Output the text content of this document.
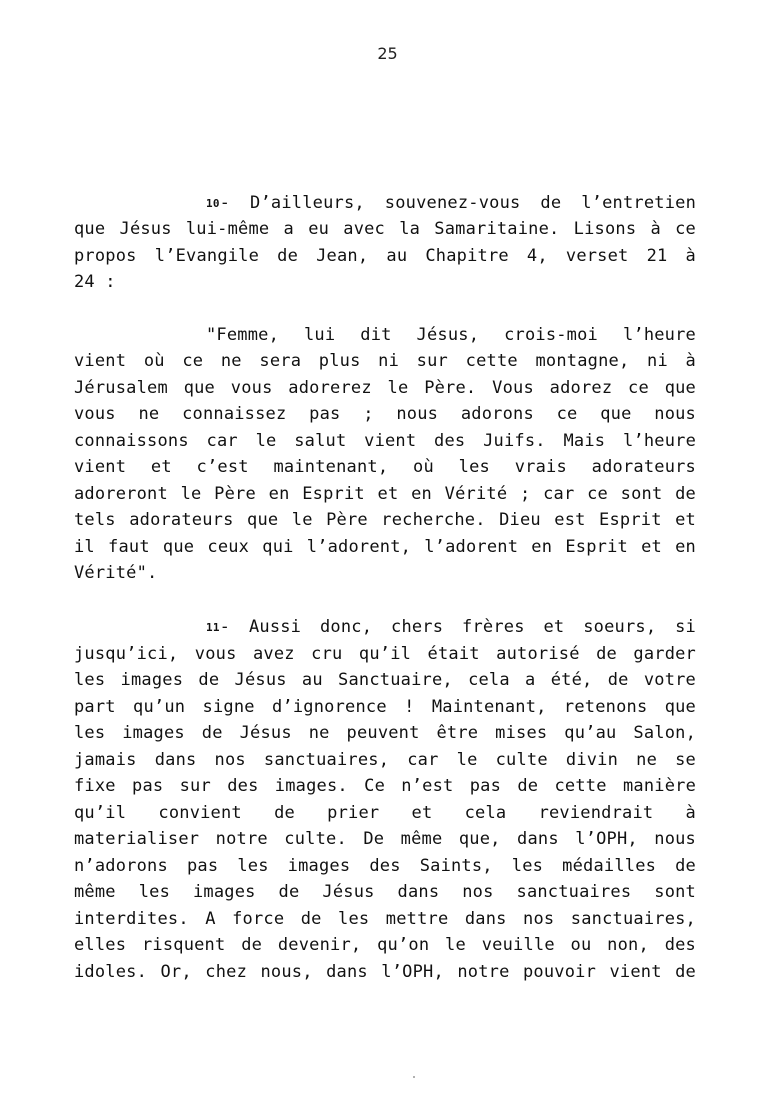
25
10- D’ailleurs, souvenez-vous de l’entretien
que Jésus lui-même a eu avec la Samaritaine. Lisons à ce
propos l’Evangile de Jean, au Chapitre 4, verset 21 à
24 :
"Femme, lui dit Jésus, crois-moi l’heure
vient où ce ne sera plus ni sur cette montagne, ni à
Jérusalem que vous adorerez le Père. Vous adorez ce que
vous ne connaissez pas ; nous adorons ce que nous
connaissons car le salut vient des Juifs. Mais l’heure
vient et c’est maintenant, où les vrais adorateurs
adoreront le Père en Esprit et en Vérité ; car ce sont de
tels adorateurs que le Père recherche. Dieu est Esprit et
il faut que ceux qui l’adorent, l’adorent en Esprit et en
Vérité".
11- Aussi donc, chers frères et soeurs, si
jusqu’ici, vous avez cru qu’il était autorisé de garder
les images de Jésus au Sanctuaire, cela a été, de votre
part qu’un signe d’ignorence ! Maintenant, retenons que
les images de Jésus ne peuvent être mises qu’au Salon,
jamais dans nos sanctuaires, car le culte divin ne se
fixe pas sur des images. Ce n’est pas de cette manière
qu’il convient de prier et cela reviendrait à
materialiser notre culte. De même que, dans l’OPH, nous
n’adorons pas les images des Saints, les médailles de
même les images de Jésus dans nos sanctuaires sont
interdites. A force de les mettre dans nos sanctuaires,
elles risquent de devenir, qu’on le veuille ou non, des
idoles. Or, chez nous, dans l’OPH, notre pouvoir vient de
